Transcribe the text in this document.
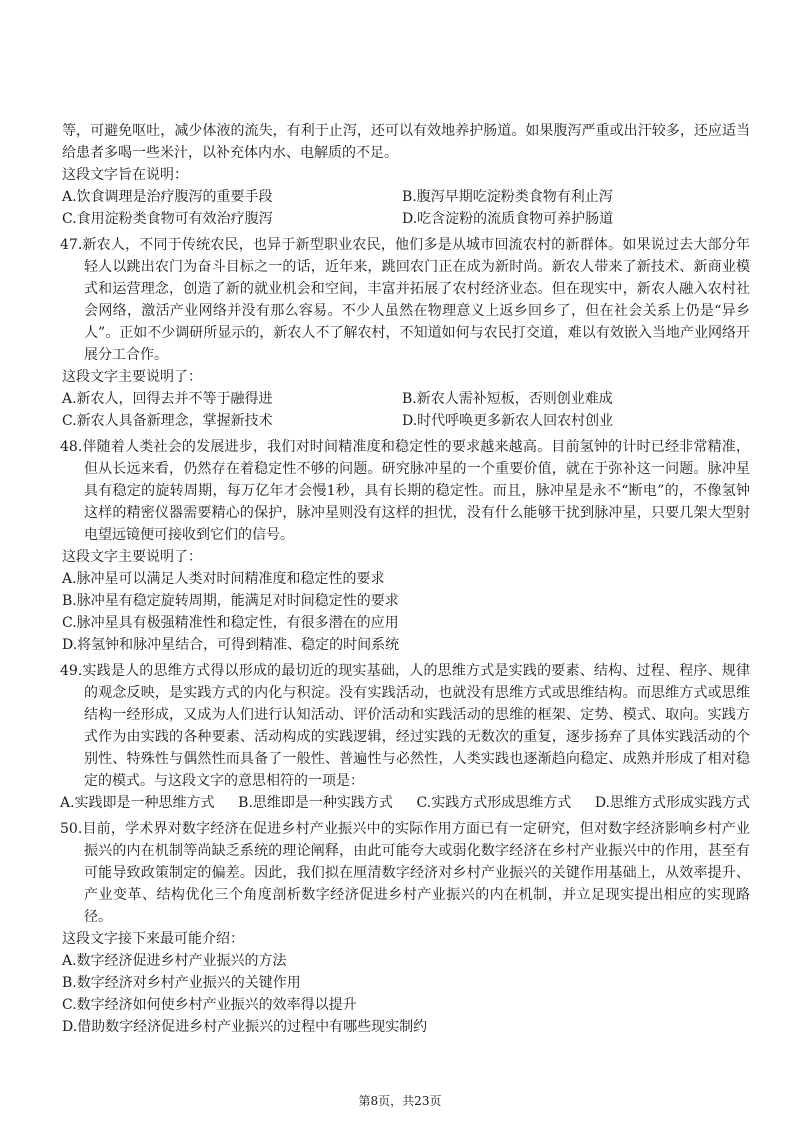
等，可避免呕吐，减少体液的流失，有利于止泻，还可以有效地养护肠道。如果腹泻严重或出汗较多，还应适当给患者多喝一些米汁，以补充体内水、电解质的不足。

这段文字旨在说明：

A.饮食调理是治疗腹泻的重要手段	B.腹泻早期吃淀粉类食物有利止泻
C.食用淀粉类食物可有效治疗腹泻	D.吃含淀粉的流质食物可养护肠道

47.新农人，不同于传统农民，也异于新型职业农民，他们多是从城市回流农村的新群体。如果说过去大部分年轻人以跳出农门为奋斗目标之一的话，近年来，跳回农门正在成为新时尚。新农人带来了新技术、新商业模式和运营理念，创造了新的就业机会和空间，丰富并拓展了农村经济业态。但在现实中，新农人融入农村社会网络，激活产业网络并没有那么容易。不少人虽然在物理意义上返乡回乡了，但在社会关系上仍是“异乡人”。正如不少调研所显示的，新农人不了解农村，不知道如何与农民打交道，难以有效嵌入当地产业网络开展分工合作。

这段文字主要说明了：

A.新农人，回得去并不等于融得进	B.新农人需补短板，否则创业难成
C.新农人具备新理念，掌握新技术	D.时代呼唤更多新农人回农村创业

48.伴随着人类社会的发展进步，我们对时间精准度和稳定性的要求越来越高。目前氢钟的计时已经非常精准，但从长远来看，仍然存在着稳定性不够的问题。研究脉冲星的一个重要价值，就在于弥补这一问题。脉冲星具有稳定的旋转周期，每万亿年才会慢1秒，具有长期的稳定性。而且，脉冲星是永不“断电”的，不像氢钟这样的精密仪器需要精心的保护，脉冲星则没有这样的担忧，没有什么能够干扰到脉冲星，只要几架大型射电望远镜便可接收到它们的信号。

这段文字主要说明了：

A.脉冲星可以满足人类对时间精准度和稳定性的要求
B.脉冲星有稳定旋转周期，能满足对时间稳定性的要求
C.脉冲星具有极强精准性和稳定性，有很多潜在的应用
D.将氢钟和脉冲星结合，可得到精准、稳定的时间系统

49.实践是人的思维方式得以形成的最切近的现实基础，人的思维方式是实践的要素、结构、过程、程序、规律的观念反映，是实践方式的内化与积淀。没有实践活动，也就没有思维方式或思维结构。而思维方式或思维结构一经形成，又成为人们进行认知活动、评价活动和实践活动的思维的框架、定势、模式、取向。实践方式作为由实践的各种要素、活动构成的实践逻辑，经过实践的无数次的重复，逐步扬弃了具体实践活动的个别性、特殊性与偶然性而具备了一般性、普遍性与必然性，人类实践也逐渐趋向稳定、成熟并形成了相对稳定的模式。与这段文字的意思相符的一项是：

A.实践即是一种思维方式 B.思维即是一种实践方式 C.实践方式形成思维方式 D.思维方式形成实践方式

50.目前，学术界对数字经济在促进乡村产业振兴中的实际作用方面已有一定研究，但对数字经济影响乡村产业振兴的内在机制等尚缺乏系统的理论阐释，由此可能夸大或弱化数字经济在乡村产业振兴中的作用，甚至有可能导致政策制定的偏差。因此，我们拟在厘清数字经济对乡村产业振兴的关键作用基础上，从效率提升、产业变革、结构优化三个角度剖析数字经济促进乡村产业振兴的内在机制，并立足现实提出相应的实现路径。

这段文字接下来最可能介绍：

A.数字经济促进乡村产业振兴的方法
B.数字经济对乡村产业振兴的关键作用
C.数字经济如何使乡村产业振兴的效率得以提升
D.借助数字经济促进乡村产业振兴的过程中有哪些现实制约
第8页，共23页
